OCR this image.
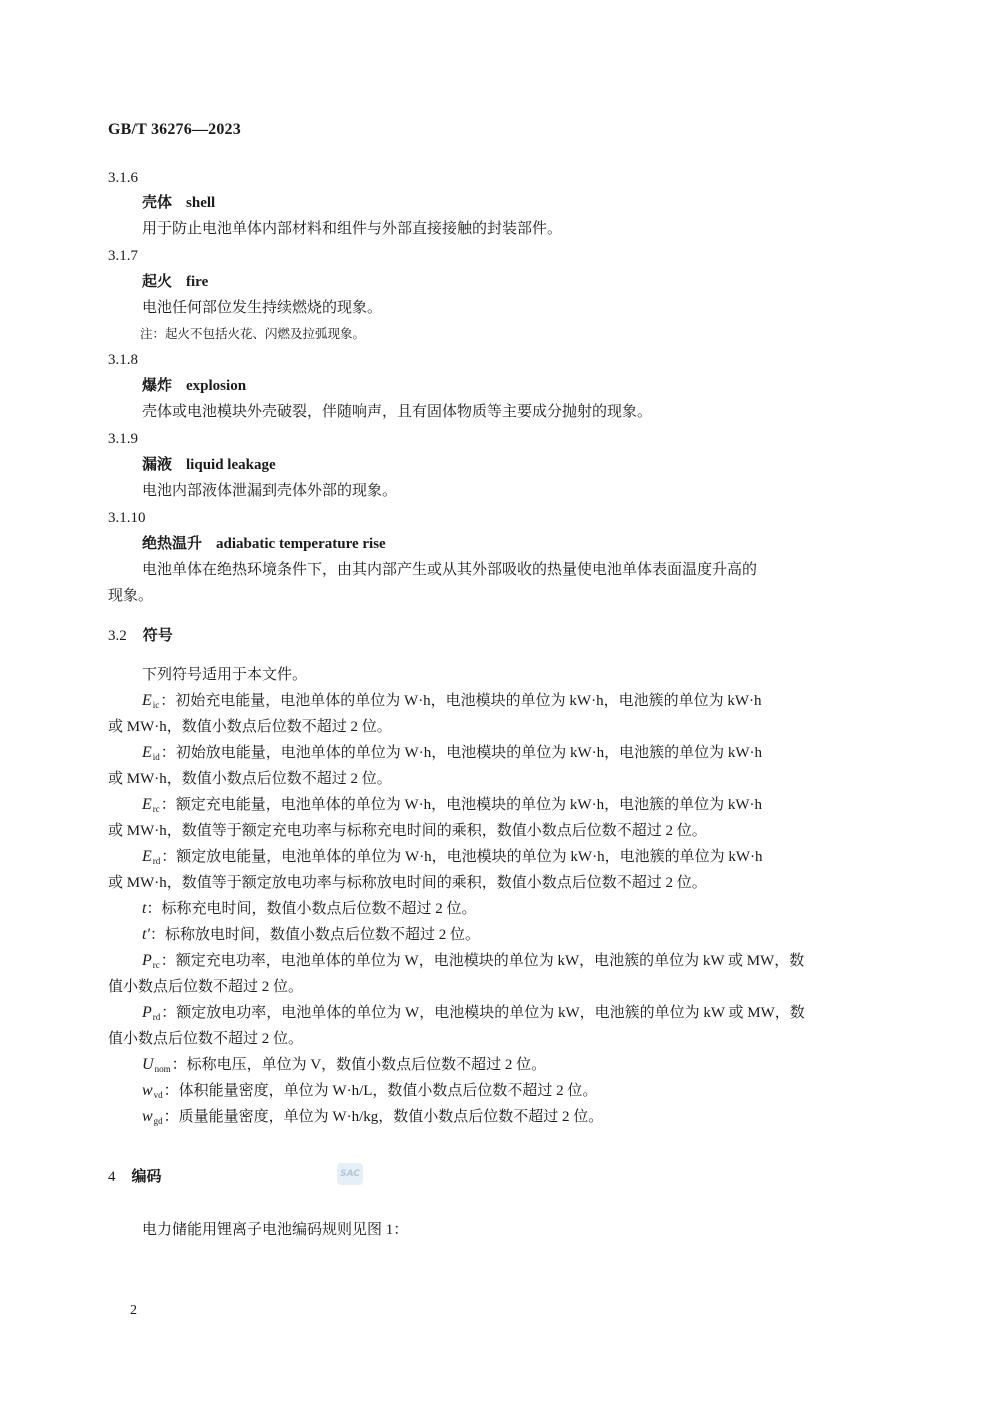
GB/T 36276—2023
3.1.6
壳体 shell
用于防止电池单体内部材料和组件与外部直接接触的封装部件。
3.1.7
起火 fire
电池任何部位发生持续燃烧的现象。
注：起火不包括火花、闪燃及拉弧现象。
3.1.8
爆炸 explosion
壳体或电池模块外壳破裂，伴随响声，且有固体物质等主要成分抛射的现象。
3.1.9
漏液 liquid leakage
电池内部液体泄漏到壳体外部的现象。
3.1.10
绝热温升 adiabatic temperature rise
电池单体在绝热环境条件下，由其内部产生或从其外部吸收的热量使电池单体表面温度升高的
现象。
3.2 符号
下列符号适用于本文件。
$E_{ic}$：初始充电能量，电池单体的单位为 W·h，电池模块的单位为 kW·h，电池簇的单位为 kW·h
或 MW·h，数值小数点后位数不超过 2 位。
$E_{id}$：初始放电能量，电池单体的单位为 W·h，电池模块的单位为 kW·h，电池簇的单位为 kW·h
或 MW·h，数值小数点后位数不超过 2 位。
$E_{rc}$：额定充电能量，电池单体的单位为 W·h，电池模块的单位为 kW·h，电池簇的单位为 kW·h
或 MW·h，数值等于额定充电功率与标称充电时间的乘积，数值小数点后位数不超过 2 位。
$E_{rd}$：额定放电能量，电池单体的单位为 W·h，电池模块的单位为 kW·h，电池簇的单位为 kW·h
或 MW·h，数值等于额定放电功率与标称放电时间的乘积，数值小数点后位数不超过 2 位。
t：标称充电时间，数值小数点后位数不超过 2 位。
t′：标称放电时间，数值小数点后位数不超过 2 位。
$P_{rc}$：额定充电功率，电池单体的单位为 W，电池模块的单位为 kW，电池簇的单位为 kW 或 MW，数
值小数点后位数不超过 2 位。
$P_{rd}$：额定放电功率，电池单体的单位为 W，电池模块的单位为 kW，电池簇的单位为 kW 或 MW，数
值小数点后位数不超过 2 位。
$U_{nom}$：标称电压，单位为 V，数值小数点后位数不超过 2 位。
$w_{vd}$：体积能量密度，单位为 W·h/L，数值小数点后位数不超过 2 位。
$w_{gd}$：质量能量密度，单位为 W·h/kg，数值小数点后位数不超过 2 位。
4 编码	SAC
电力储能用锂离子电池编码规则见图 1：
2
